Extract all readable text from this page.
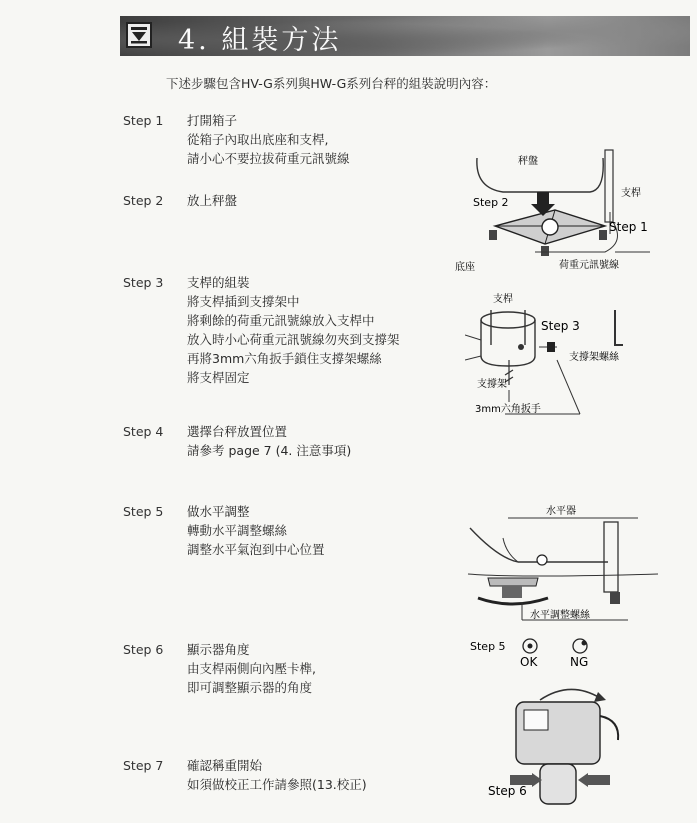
4. 組裝方法
下述步驟包含HV-G系列與HW-G系列台秤的組裝說明內容：
Step 1 打開箱子
從箱子內取出底座和支桿,
請小心不要拉拔荷重元訊號線
Step 2 放上秤盤
Step 3 支桿的組裝
將支桿插到支撐架中
將剩餘的荷重元訊號線放入支桿中
放入時小心荷重元訊號線勿夾到支撐架
再將3mm六角扳手鎖住支撐架螺絲
將支桿固定
Step 4 選擇台秤放置位置
請參考 page 7 (4. 注意事項)
Step 5 做水平調整
轉動水平調整螺絲
調整水平氣泡到中心位置
Step 6 顯示器角度
由支桿兩側向內壓卡榫,
即可調整顯示器的角度
Step 7 確認稱重開始
如須做校正工作請參照(13.校正)
秤盤
支桿
Step 2
Step 1
底座	荷重元訊號線
支桿
Step 3
支撐架螺絲
支撐架
3mm六角扳手
水平器
水平調整螺絲
Step 5
OK	NG
Step 6
